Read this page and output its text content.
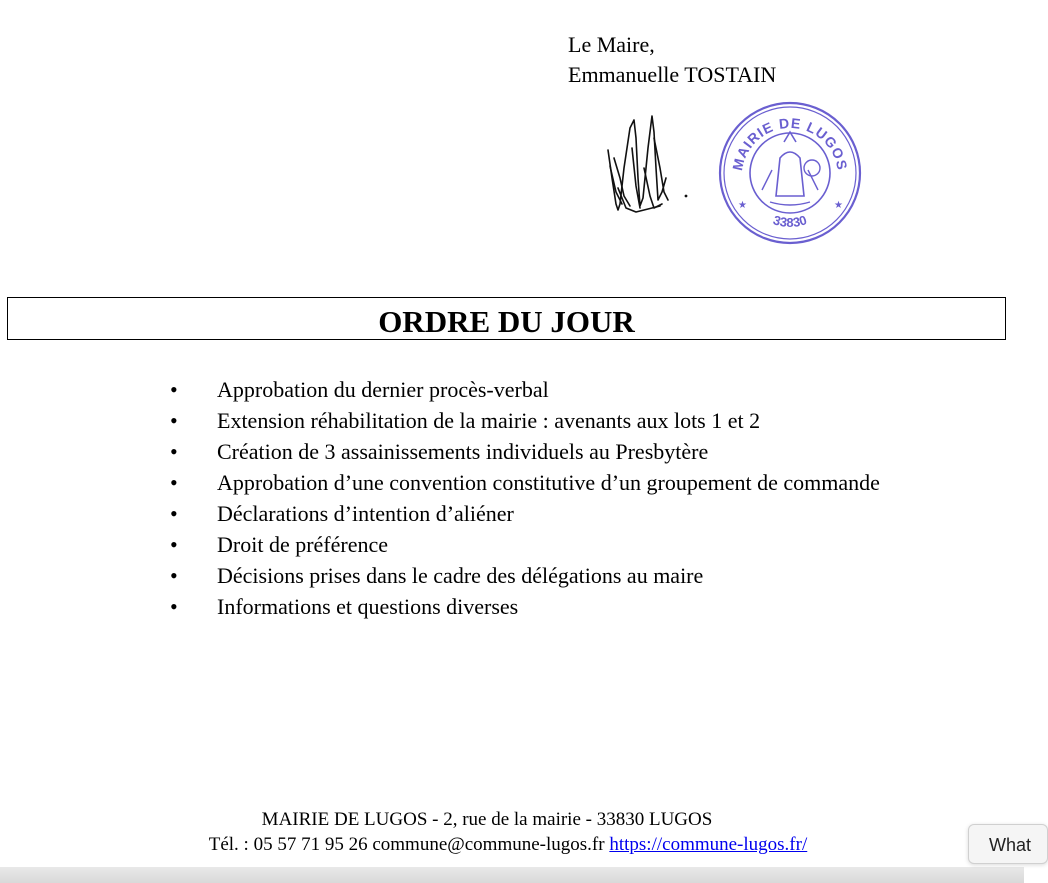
Le Maire,
Emmanuelle TOSTAIN
MAIRIE DE LUGOS
33830
★	★
ORDRE DU JOUR
• Approbation du dernier procès-verbal
• Extension réhabilitation de la mairie : avenants aux lots 1 et 2
• Création de 3 assainissements individuels au Presbytère
• Approbation d’une convention constitutive d’un groupement de commande
• Déclarations d’intention d’aliéner
• Droit de préférence
• Décisions prises dans le cadre des délégations au maire
• Informations et questions diverses
MAIRIE DE LUGOS - 2, rue de la mairie - 33830 LUGOS
Tél. : 05 57 71 95 26 commune@commune-lugos.fr https://commune-lugos.fr/	What
